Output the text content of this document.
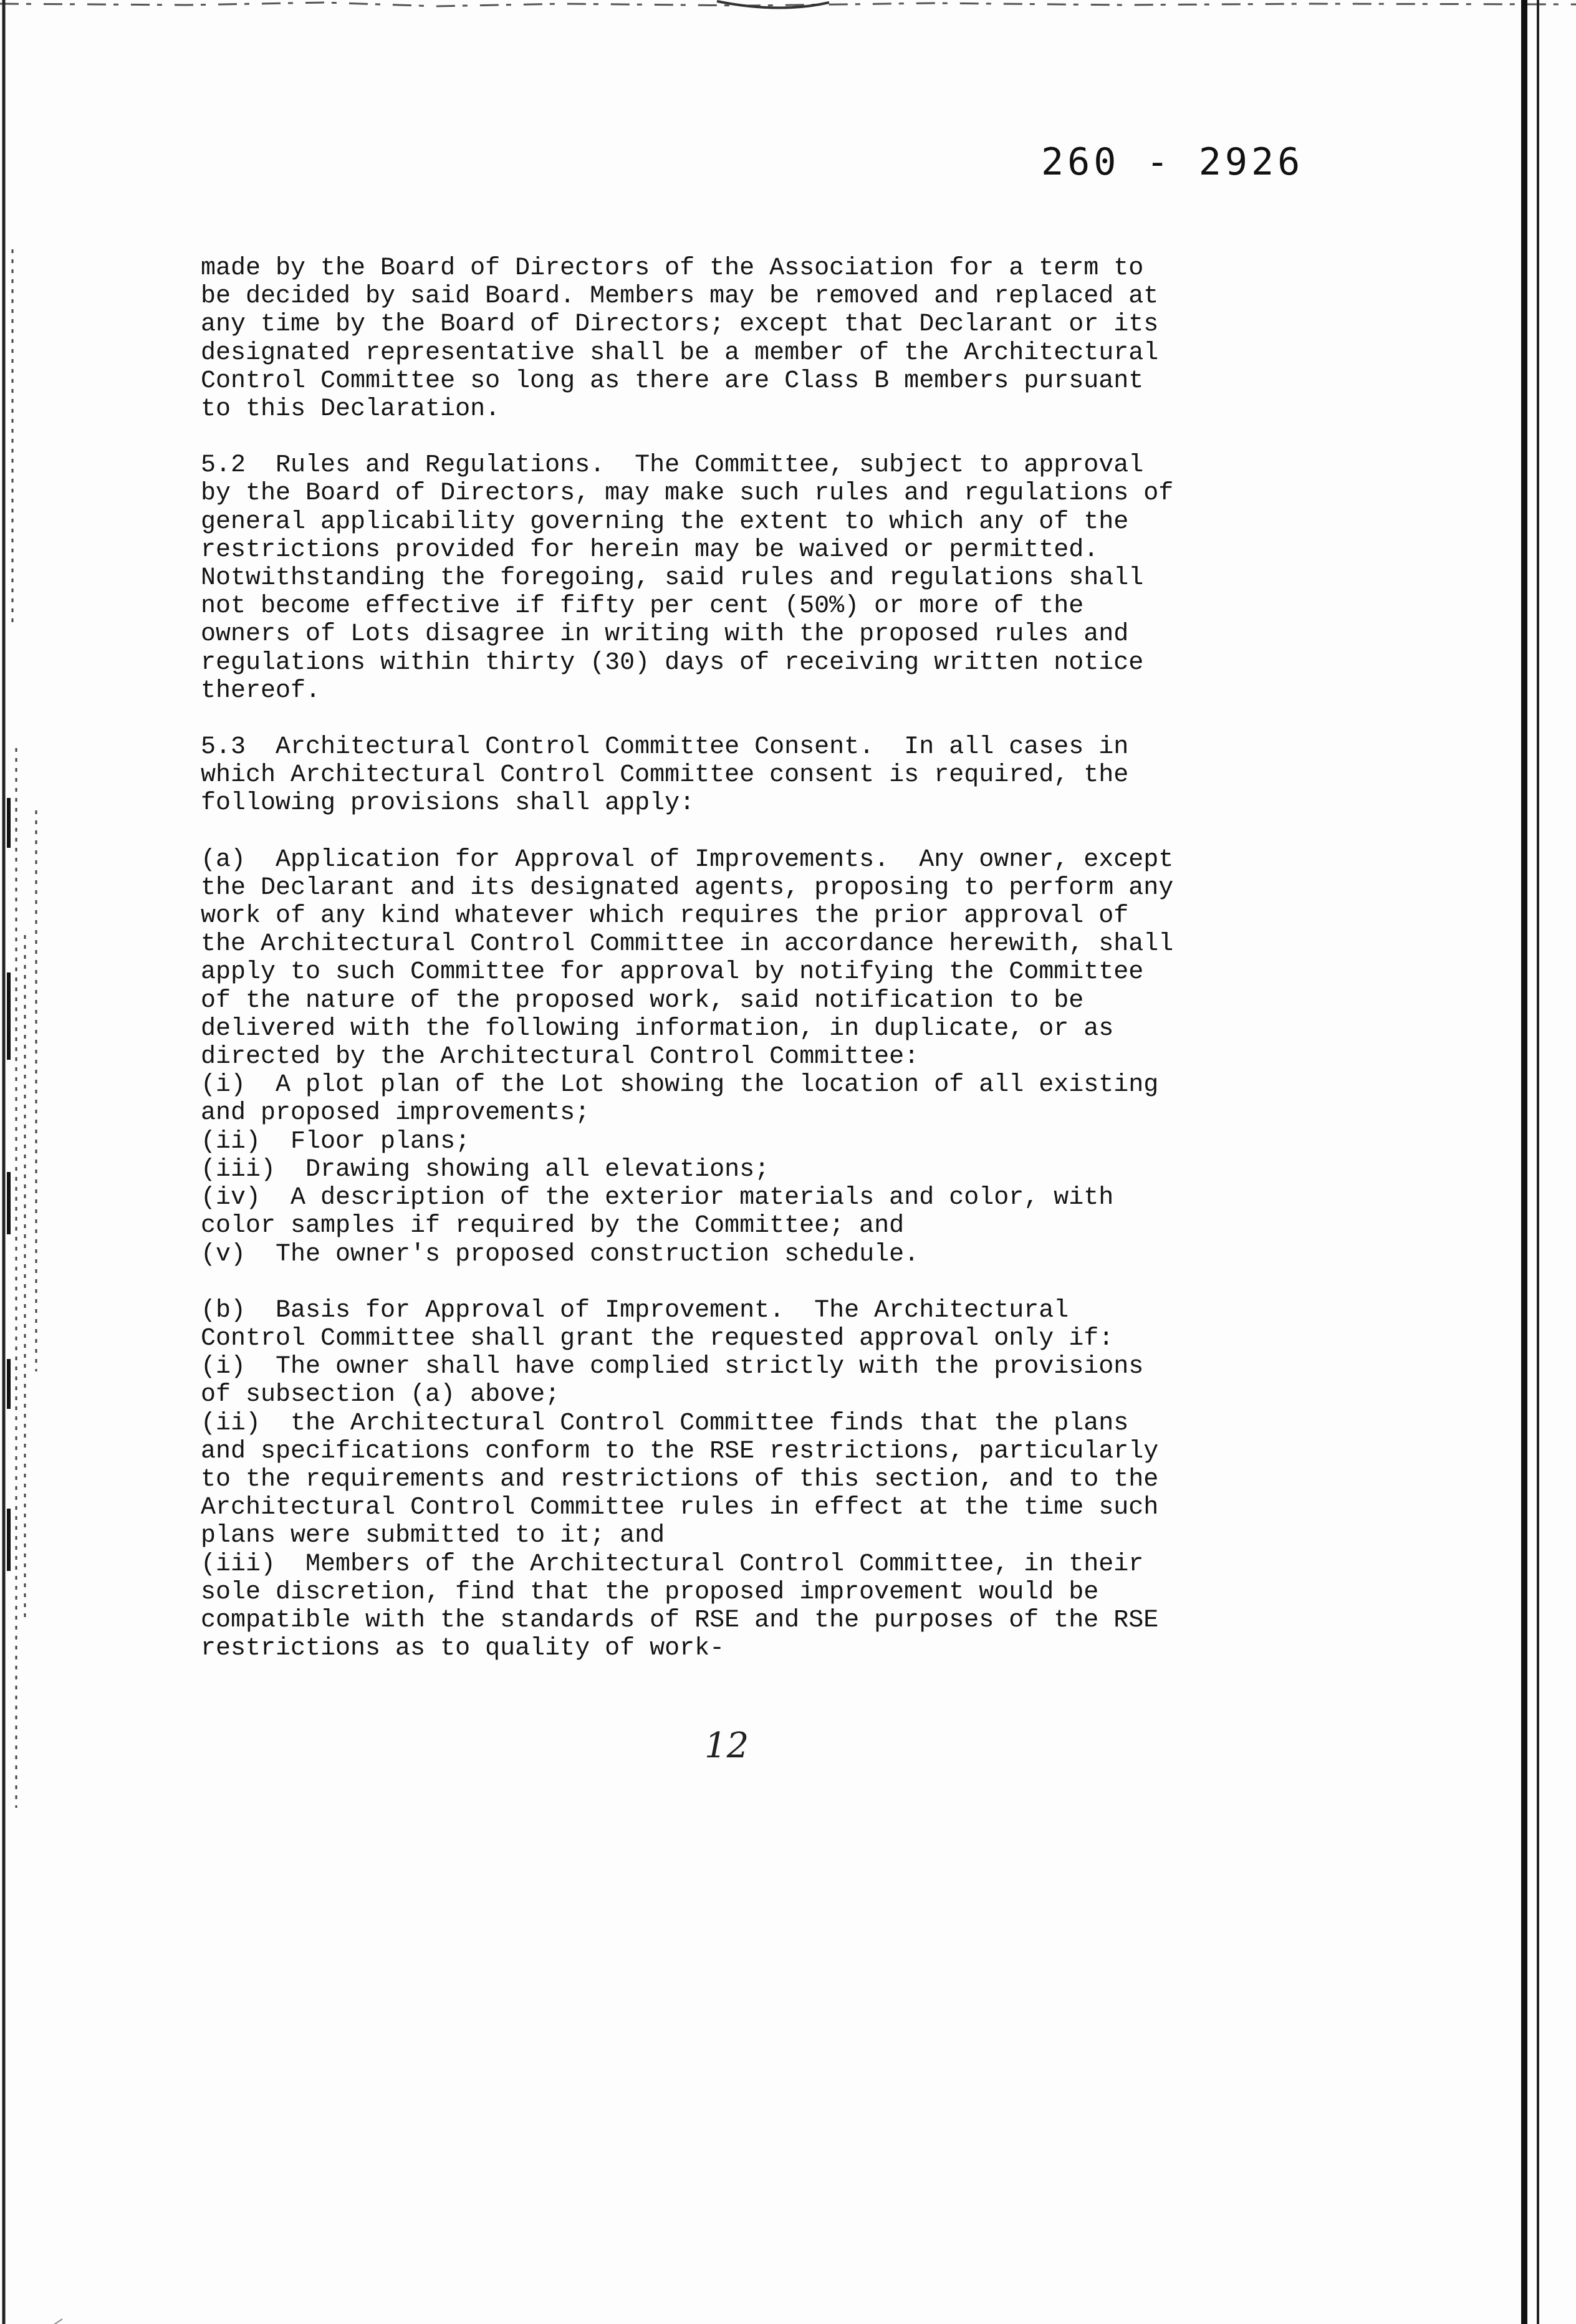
260 - 2926

made by the Board of Directors of the Association for a term to
be decided by said Board. Members may be removed and replaced at
any time by the Board of Directors; except that Declarant or its
designated representative shall be a member of the Architectural
Control Committee so long as there are Class B members pursuant
to this Declaration.

5.2  Rules and Regulations.  The Committee, subject to approval
by the Board of Directors, may make such rules and regulations of
general applicability governing the extent to which any of the
restrictions provided for herein may be waived or permitted.
Notwithstanding the foregoing, said rules and regulations shall
not become effective if fifty per cent (50%) or more of the
owners of Lots disagree in writing with the proposed rules and
regulations within thirty (30) days of receiving written notice
thereof.

5.3  Architectural Control Committee Consent.  In all cases in
which Architectural Control Committee consent is required, the
following provisions shall apply:

(a)  Application for Approval of Improvements.  Any owner, except
the Declarant and its designated agents, proposing to perform any
work of any kind whatever which requires the prior approval of
the Architectural Control Committee in accordance herewith, shall
apply to such Committee for approval by notifying the Committee
of the nature of the proposed work, said notification to be
delivered with the following information, in duplicate, or as
directed by the Architectural Control Committee:
(i)  A plot plan of the Lot showing the location of all existing
and proposed improvements;
(ii)  Floor plans;
(iii)  Drawing showing all elevations;
(iv)  A description of the exterior materials and color, with
color samples if required by the Committee; and
(v)  The owner's proposed construction schedule.

(b)  Basis for Approval of Improvement.  The Architectural
Control Committee shall grant the requested approval only if:
(i)  The owner shall have complied strictly with the provisions
of subsection (a) above;
(ii)  the Architectural Control Committee finds that the plans
and specifications conform to the RSE restrictions, particularly
to the requirements and restrictions of this section, and to the
Architectural Control Committee rules in effect at the time such
plans were submitted to it; and
(iii)  Members of the Architectural Control Committee, in their
sole discretion, find that the proposed improvement would be
compatible with the standards of RSE and the purposes of the RSE
restrictions as to quality of work-

12
